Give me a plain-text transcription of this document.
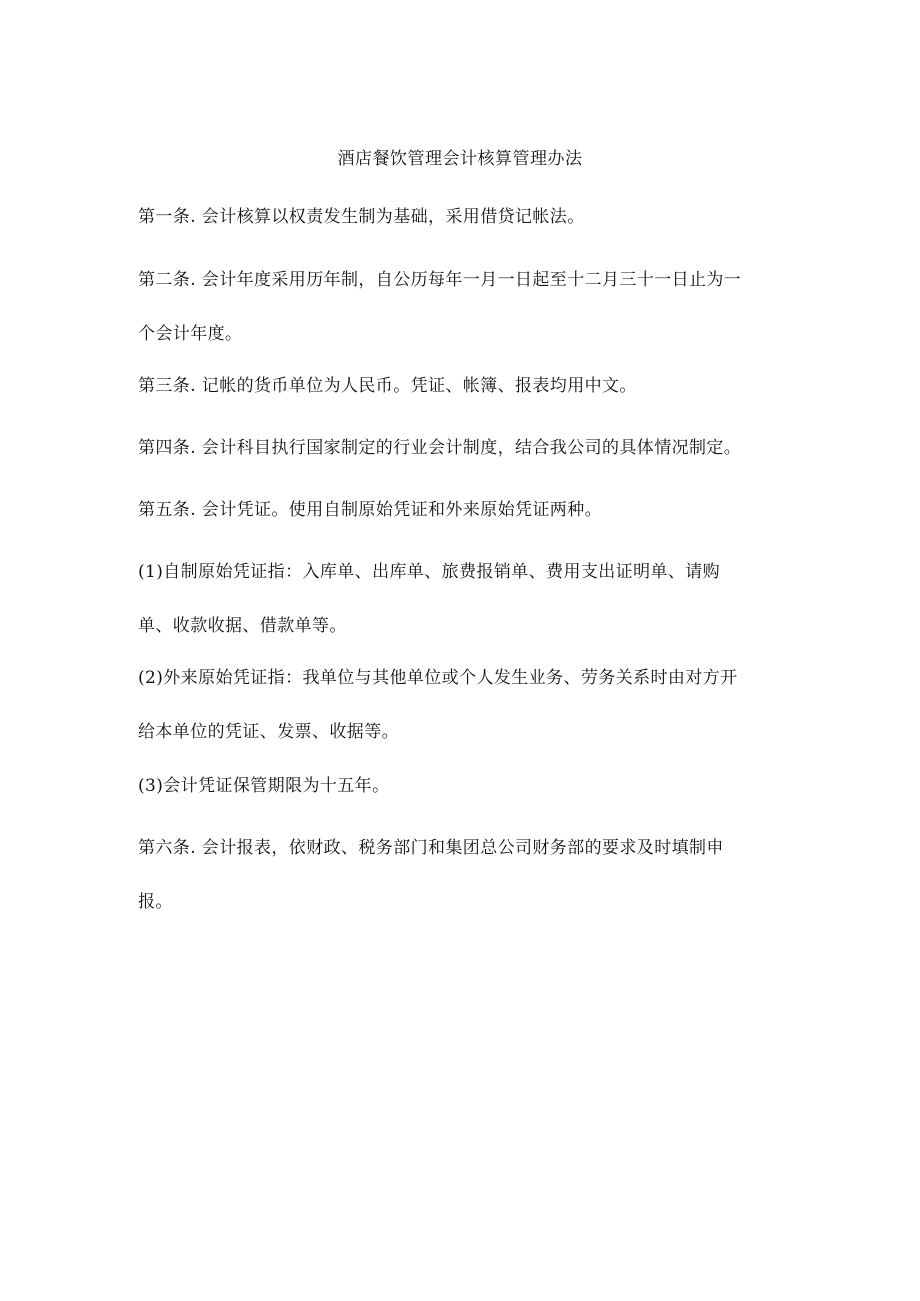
酒店餐饮管理会计核算管理办法
第一条. 会计核算以权责发生制为基础，采用借贷记帐法。
第二条. 会计年度采用历年制，自公历每年一月一日起至十二月三十一日止为一
个会计年度。
第三条. 记帐的货币单位为人民币。凭证、帐簿、报表均用中文。
第四条. 会计科目执行国家制定的行业会计制度，结合我公司的具体情况制定。
第五条. 会计凭证。使用自制原始凭证和外来原始凭证两种。
(1)自制原始凭证指：入库单、出库单、旅费报销单、费用支出证明单、请购
单、收款收据、借款单等。
(2)外来原始凭证指：我单位与其他单位或个人发生业务、劳务关系时由对方开
给本单位的凭证、发票、收据等。
(3)会计凭证保管期限为十五年。
第六条. 会计报表，依财政、税务部门和集团总公司财务部的要求及时填制申
报。
